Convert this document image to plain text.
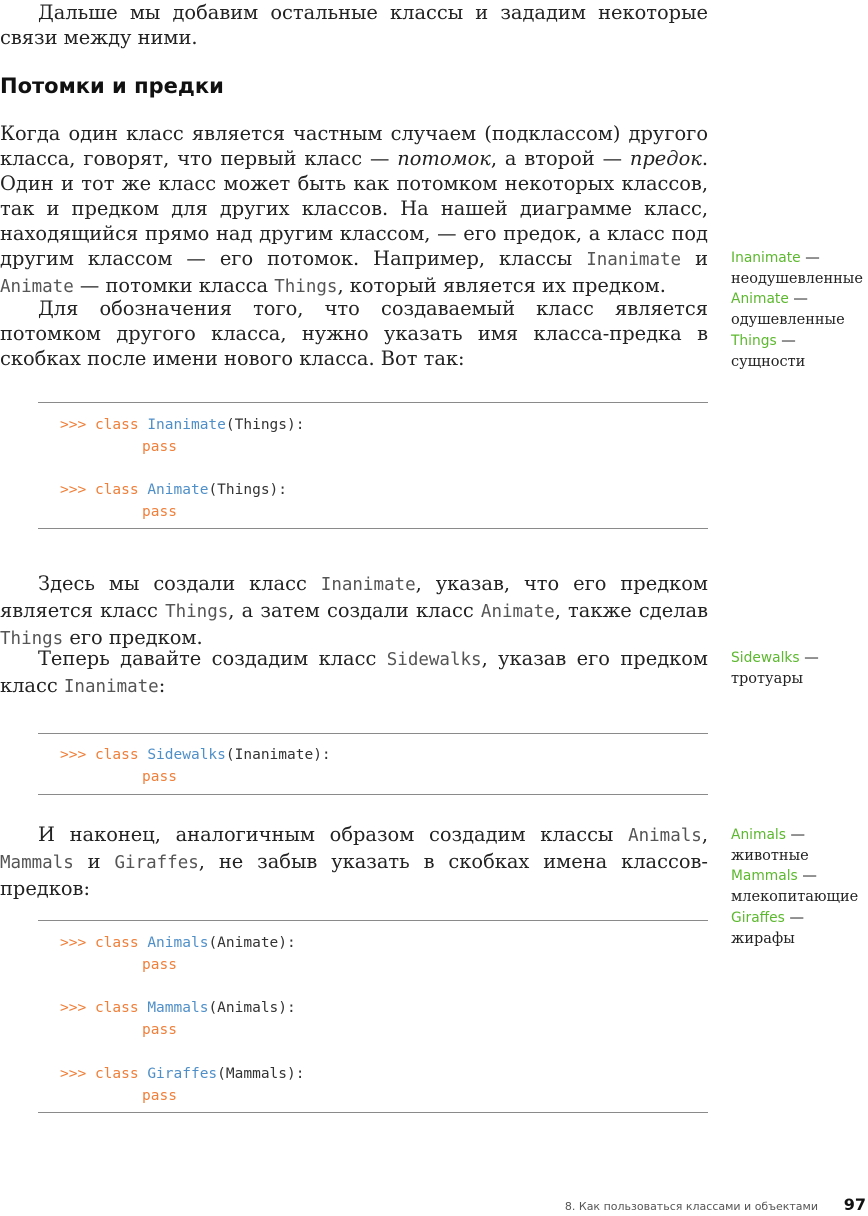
Дальше мы добавим остальные классы и зададим некоторые связи между ними.

Потомки и предки

Когда один класс является частным случаем (подклассом) другого класса, говорят, что первый класс — потомок, а второй — предок. Один и тот же класс может быть как потомком некоторых классов, так и предком для других классов. На нашей диаграмме класс, находящийся прямо над другим классом, — его предок, а класс под другим классом — его потомок. Например, классы Inanimate и Animate — потомки класса Things, который является их предком.

Для обозначения того, что создаваемый класс является потомком другого класса, нужно указать имя класса-предка в скобках после имени нового класса. Вот так:

>>> class Inanimate(Things):
pass
>>> class Animate(Things):
pass

Здесь мы создали класс Inanimate, указав, что его предком является класс Things, а затем создали класс Animate, также сделав Things его предком.

Теперь давайте создадим класс Sidewalks, указав его предком класс Inanimate:

>>> class Sidewalks(Inanimate):
pass

И наконец, аналогичным образом создадим классы Animals, Mammals и Giraffes, не забыв указать в скобках имена классов-предков:

>>> class Animals(Animate):
pass
>>> class Mammals(Animals):
pass
>>> class Giraffes(Mammals):
pass
Inanimate — неодушевленные Animate — одушевленные Things — сущности
Sidewalks — тротуары
Animals — животные Mammals — млекопитающие Giraffes — жирафы
8. Как пользоваться классами и объектами	97
